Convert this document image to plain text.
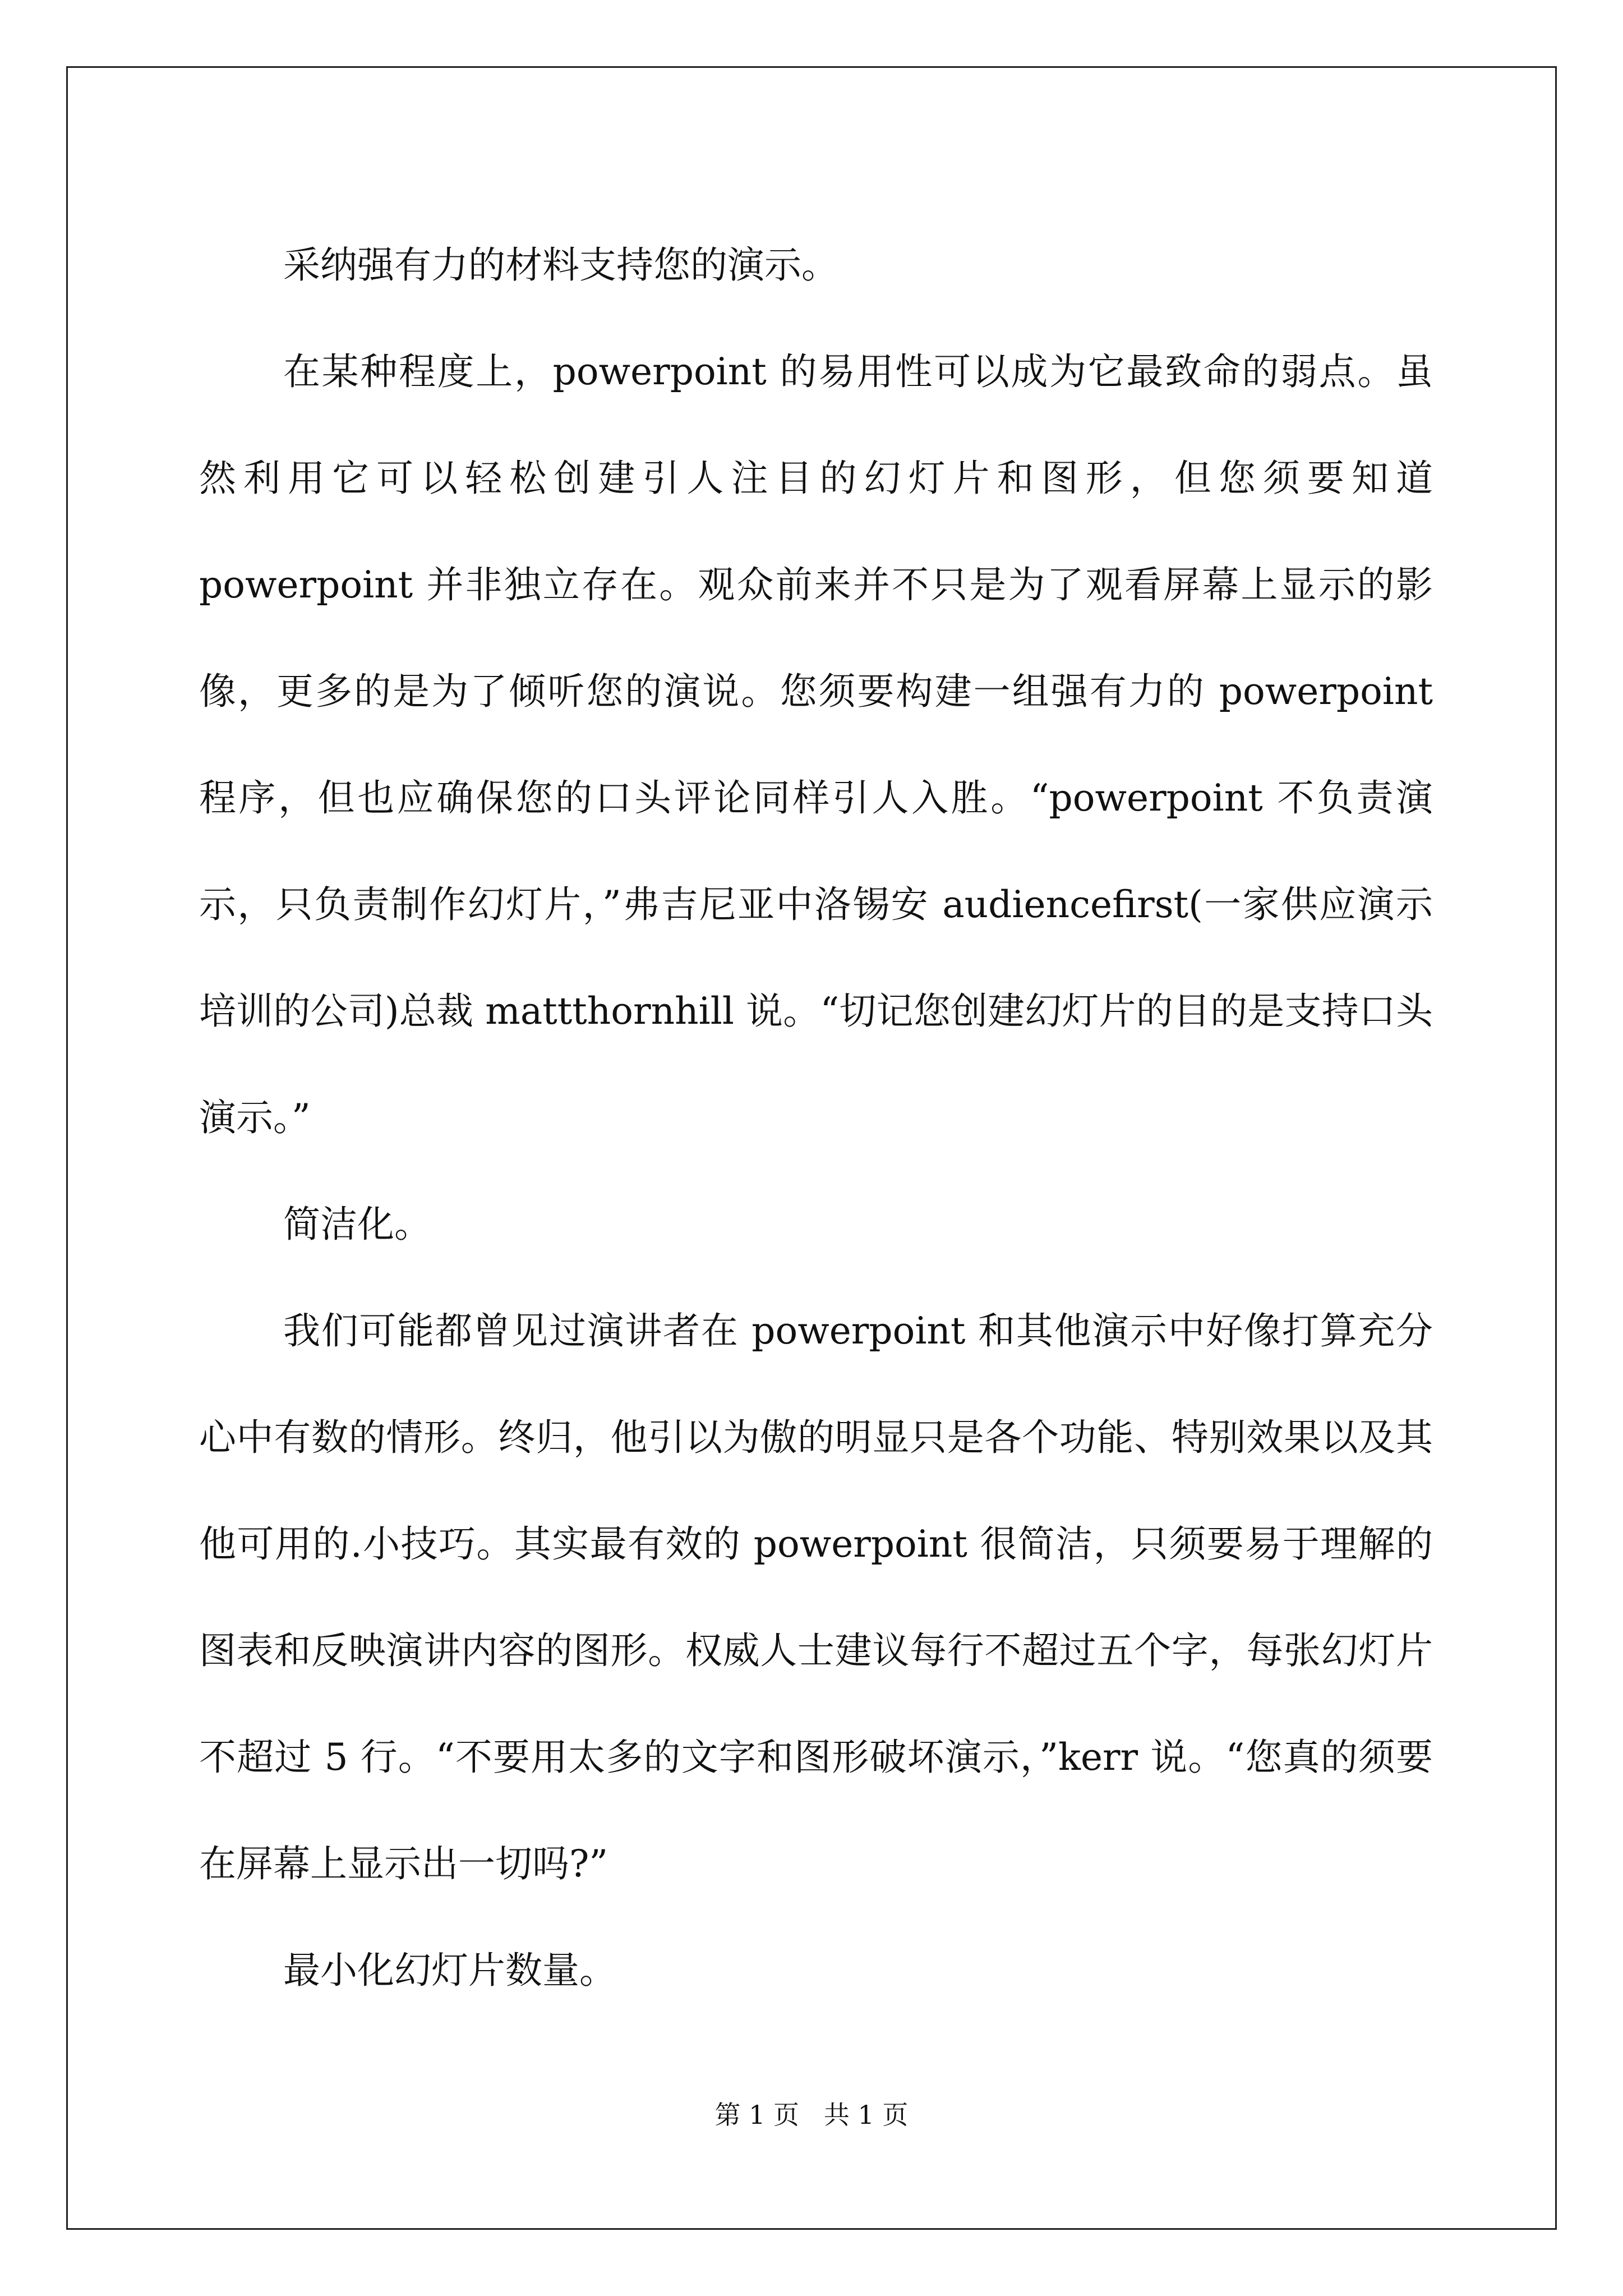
采纳强有力的材料支持您的演示。

在某种程度上，powerpoint 的易用性可以成为它最致命的弱点。虽然利用它可以轻松创建引人注目的幻灯片和图形，但您须要知道 powerpoint 并非独立存在。观众前来并不只是为了观看屏幕上显示的影像，更多的是为了倾听您的演说。您须要构建一组强有力的 powerpoint 程序，但也应确保您的口头评论同样引人入胜。“powerpoint 不负责演示，只负责制作幻灯片，”弗吉尼亚中洛锡安 audiencefirst(一家供应演示培训的公司)总裁 mattthornhill 说。“切记您创建幻灯片的目的是支持口头演示。”

简洁化。

我们可能都曾见过演讲者在 powerpoint 和其他演示中好像打算充分心中有数的情形。终归，他引以为傲的明显只是各个功能、特别效果以及其他可用的.小技巧。其实最有效的 powerpoint 很简洁，只须要易于理解的图表和反映演讲内容的图形。权威人士建议每行不超过五个字，每张幻灯片不超过 5 行。“不要用太多的文字和图形破坏演示，”kerr 说。“您真的须要在屏幕上显示出一切吗?”

最小化幻灯片数量。

第 1 页   共 1 页
